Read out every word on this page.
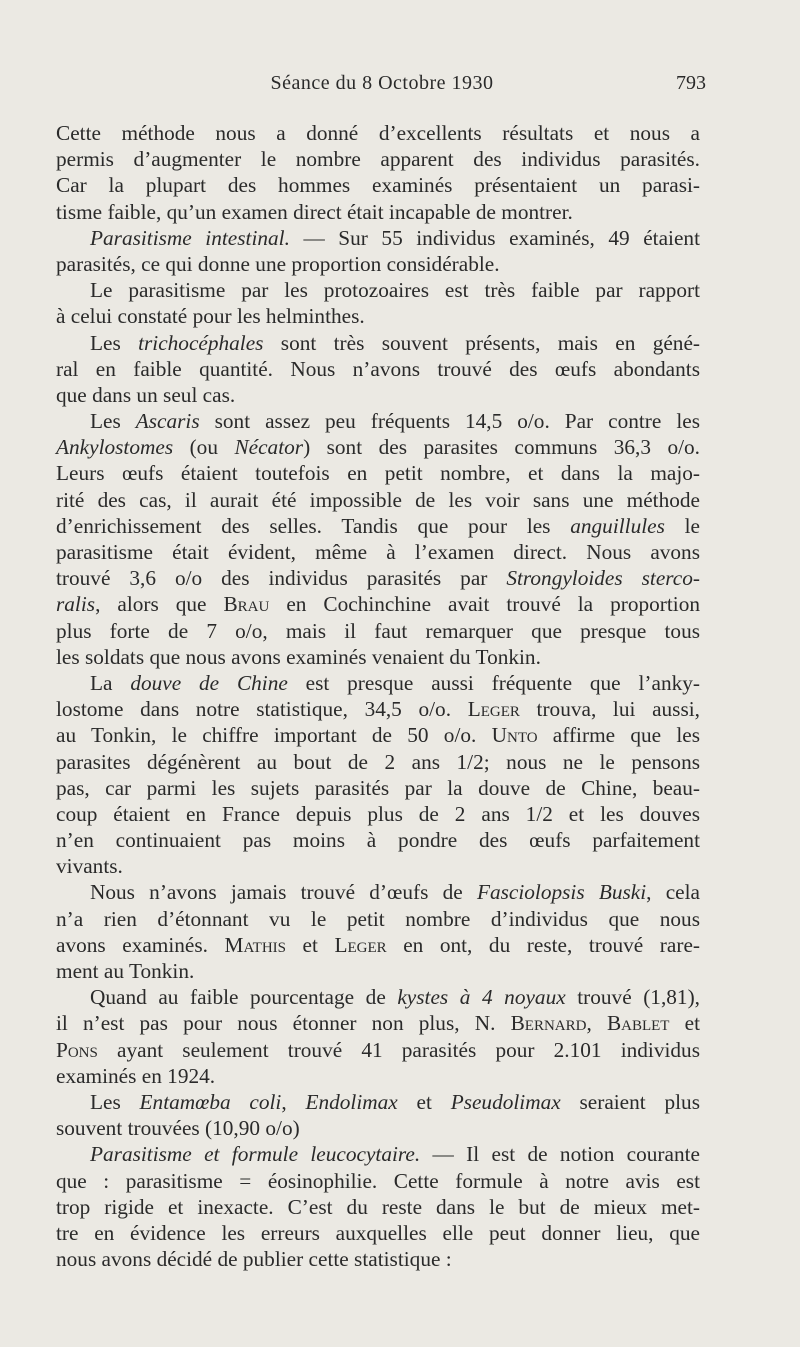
Séance du 8 Octobre 1930	793
Cette méthode nous a donné d’excellents résultats et nous a
permis d’augmenter le nombre apparent des individus parasités.
Car la plupart des hommes examinés présentaient un parasi-
tisme faible, qu’un examen direct était incapable de montrer.
Parasitisme intestinal. — Sur 55 individus examinés, 49 étaient
parasités, ce qui donne une proportion considérable.
Le parasitisme par les protozoaires est très faible par rapport
à celui constaté pour les helminthes.
Les trichocéphales sont très souvent présents, mais en géné-
ral en faible quantité. Nous n’avons trouvé des œufs abondants
que dans un seul cas.
Les Ascaris sont assez peu fréquents 14,5 o/o. Par contre les
Ankylostomes (ou Nécator) sont des parasites communs 36,3 o/o.
Leurs œufs étaient toutefois en petit nombre, et dans la majo-
rité des cas, il aurait été impossible de les voir sans une méthode
d’enrichissement des selles. Tandis que pour les anguillules le
parasitisme était évident, même à l’examen direct. Nous avons
trouvé 3,6 o/o des individus parasités par Strongyloides sterco-
ralis, alors que Brau en Cochinchine avait trouvé la proportion
plus forte de 7 o/o, mais il faut remarquer que presque tous
les soldats que nous avons examinés venaient du Tonkin.
La douve de Chine est presque aussi fréquente que l’anky-
lostome dans notre statistique, 34,5 o/o. Leger trouva, lui aussi,
au Tonkin, le chiffre important de 50 o/o. Unto affirme que les
parasites dégénèrent au bout de 2 ans 1/2; nous ne le pensons
pas, car parmi les sujets parasités par la douve de Chine, beau-
coup étaient en France depuis plus de 2 ans 1/2 et les douves
n’en continuaient pas moins à pondre des œufs parfaitement
vivants.
Nous n’avons jamais trouvé d’œufs de Fasciolopsis Buski, cela
n’a rien d’étonnant vu le petit nombre d’individus que nous
avons examinés. Mathis et Leger en ont, du reste, trouvé rare-
ment au Tonkin.
Quand au faible pourcentage de kystes à 4 noyaux trouvé (1,81),
il n’est pas pour nous étonner non plus, N. Bernard, Bablet et
Pons ayant seulement trouvé 41 parasités pour 2.101 individus
examinés en 1924.
Les Entamœba coli, Endolimax et Pseudolimax seraient plus
souvent trouvées (10,90 o/o)
Parasitisme et formule leucocytaire. — Il est de notion courante
que : parasitisme = éosinophilie. Cette formule à notre avis est
trop rigide et inexacte. C’est du reste dans le but de mieux met-
tre en évidence les erreurs auxquelles elle peut donner lieu, que
nous avons décidé de publier cette statistique :
